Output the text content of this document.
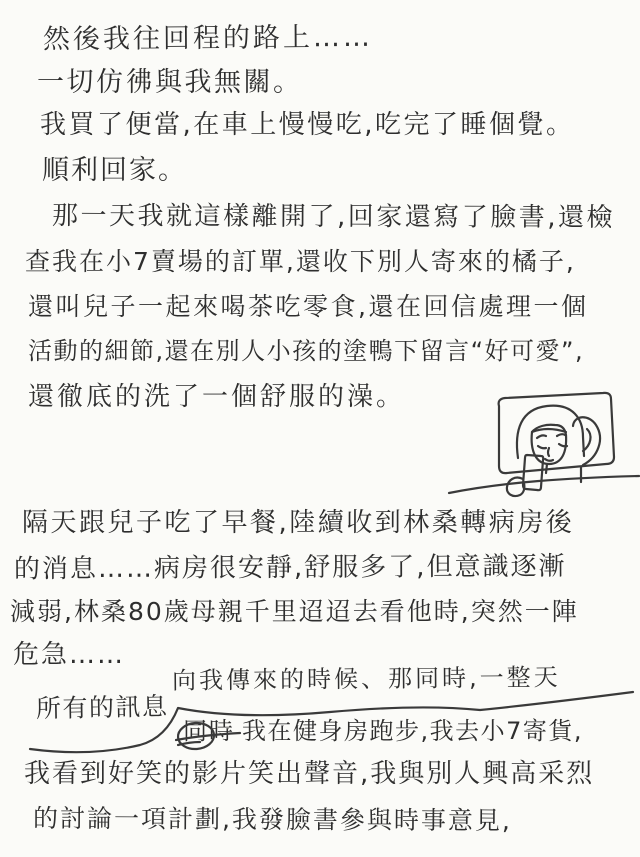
然後我往回程的路上……
一切仿彿與我無關。
我買了便當,在車上慢慢吃,吃完了睡個覺。
順利回家。
那一天我就這樣離開了,回家還寫了臉書,還檢
查我在小7賣場的訂單,還收下別人寄來的橘子,
還叫兒子一起來喝茶吃零食,還在回信處理一個
活動的細節,還在別人小孩的塗鴨下留言“好可愛”,
還徹底的洗了一個舒服的澡。
隔天跟兒子吃了早餐,陸續收到林桑轉病房後
的消息……病房很安靜,舒服多了,但意識逐漸
減弱,林桑80歲母親千里迢迢去看他時,突然一陣
危急……
向我傳來的時候、那同時,一整天
所有的訊息
同時 我在健身房跑步,我去小7寄貨,
我看到好笑的影片笑出聲音,我與別人興高采烈
的討論一項計劃,我發臉書參與時事意見,
